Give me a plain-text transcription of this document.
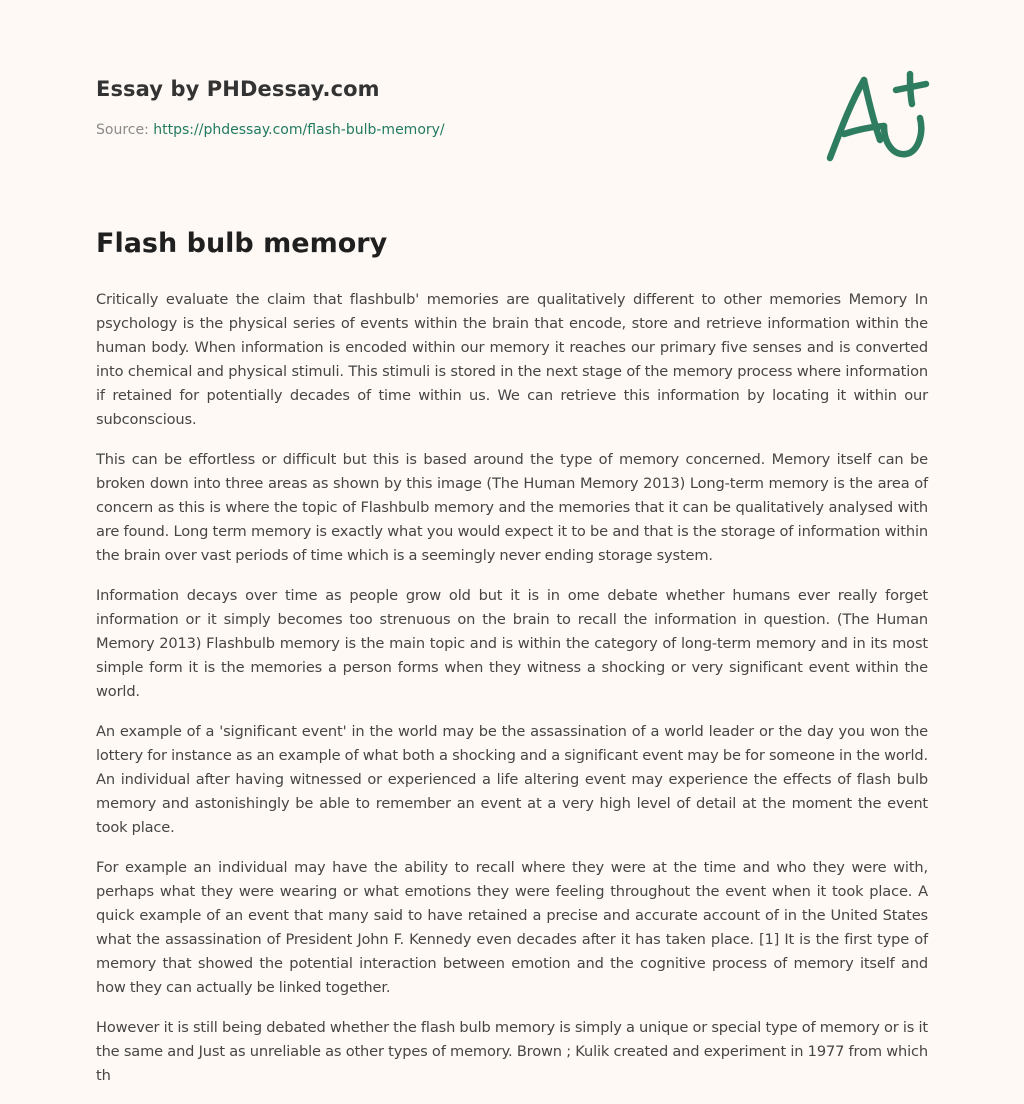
Essay by PHDessay.com
Source: https://phdessay.com/flash-bulb-memory/
Flash bulb memory

Critically evaluate the claim that flashbulb' memories are qualitatively different to other memories Memory In psychology is the physical series of events within the brain that encode, store and retrieve information within the human body. When information is encoded within our memory it reaches our primary five senses and is converted into chemical and physical stimuli. This stimuli is stored in the next stage of the memory process where information if retained for potentially decades of time within us. We can retrieve this information by locating it within our subconscious.

This can be effortless or difficult but this is based around the type of memory concerned. Memory itself can be broken down into three areas as shown by this image (The Human Memory 2013) Long-term memory is the area of concern as this is where the topic of Flashbulb memory and the memories that it can be qualitatively analysed with are found. Long term memory is exactly what you would expect it to be and that is the storage of information within the brain over vast periods of time which is a seemingly never ending storage system.

Information decays over time as people grow old but it is in ome debate whether humans ever really forget information or it simply becomes too strenuous on the brain to recall the information in question. (The Human Memory 2013) Flashbulb memory is the main topic and is within the category of long-term memory and in its most simple form it is the memories a person forms when they witness a shocking or very significant event within the world.

An example of a 'significant event' in the world may be the assassination of a world leader or the day you won the lottery for instance as an example of what both a shocking and a significant event may be for someone in the world. An individual after having witnessed or experienced a life altering event may experience the effects of flash bulb memory and astonishingly be able to remember an event at a very high level of detail at the moment the event took place.

For example an individual may have the ability to recall where they were at the time and who they were with, perhaps what they were wearing or what emotions they were feeling throughout the event when it took place. A quick example of an event that many said to have retained a precise and accurate account of in the United States what the assassination of President John F. Kennedy even decades after it has taken place. [1] It is the first type of memory that showed the potential interaction between emotion and the cognitive process of memory itself and how they can actually be linked together.

However it is still being debated whether the flash bulb memory is simply a unique or special type of memory or is it the same and Just as unreliable as other types of memory. Brown ; Kulik created and experiment in 1977 from which th
